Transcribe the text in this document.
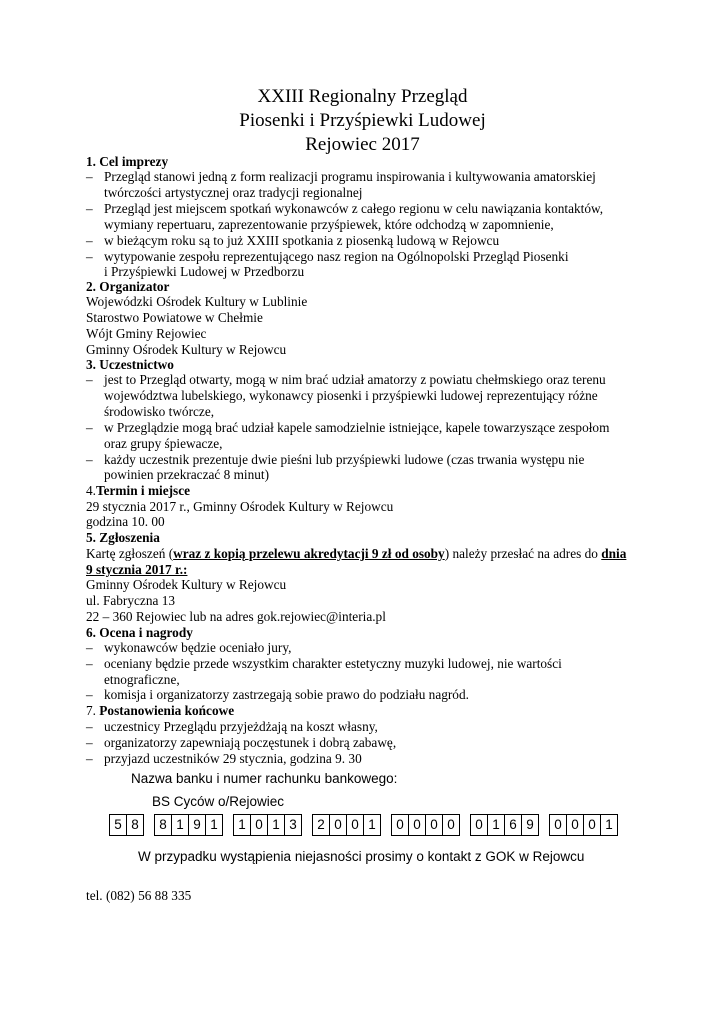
XXIII Regionalny Przegląd
Piosenki i Przyśpiewki Ludowej
Rejowiec 2017
1. Cel imprezy
– Przegląd stanowi jedną z form realizacji programu inspirowania i kultywowania amatorskiej
twórczości artystycznej oraz tradycji regionalnej
– Przegląd jest miejscem spotkań wykonawców z całego regionu w celu nawiązania kontaktów,
wymiany repertuaru, zaprezentowanie przyśpiewek, które odchodzą w zapomnienie,
– w bieżącym roku są to już XXIII spotkania z piosenką ludową w Rejowcu
– wytypowanie zespołu reprezentującego nasz region na Ogólnopolski Przegląd Piosenki
i Przyśpiewki Ludowej w Przedborzu
2. Organizator
Wojewódzki Ośrodek Kultury w Lublinie
Starostwo Powiatowe w Chełmie
Wójt Gminy Rejowiec
Gminny Ośrodek Kultury w Rejowcu
3. Uczestnictwo
– jest to Przegląd otwarty, mogą w nim brać udział amatorzy z powiatu chełmskiego oraz terenu
województwa lubelskiego, wykonawcy piosenki i przyśpiewki ludowej reprezentujący różne
środowisko twórcze,
– w Przeglądzie mogą brać udział kapele samodzielnie istniejące, kapele towarzyszące zespołom
oraz grupy śpiewacze,
– każdy uczestnik prezentuje dwie pieśni lub przyśpiewki ludowe (czas trwania występu nie
powinien przekraczać 8 minut)
4.Termin i miejsce
29 stycznia 2017 r., Gminny Ośrodek Kultury w Rejowcu
godzina 10. 00
5. Zgłoszenia
Kartę zgłoszeń (wraz z kopią przelewu akredytacji 9 zł od osoby) należy przesłać na adres do dnia
9 stycznia 2017 r.:
Gminny Ośrodek Kultury w Rejowcu
ul. Fabryczna 13
22 – 360 Rejowiec lub na adres gok.rejowiec@interia.pl
6. Ocena i nagrody
– wykonawców będzie oceniało jury,
– oceniany będzie przede wszystkim charakter estetyczny muzyki ludowej, nie wartości
etnograficzne,
– komisja i organizatorzy zastrzegają sobie prawo do podziału nagród.
7. Postanowienia końcowe
– uczestnicy Przeglądu przyjeżdżają na koszt własny,
– organizatorzy zapewniają poczęstunek i dobrą zabawę,
– przyjazd uczestników 29 stycznia, godzina 9. 30
Nazwa banku i numer rachunku bankowego:
BS Cyców o/Rejowiec
5 8	8 1 9 1	1 0 1 3	2 0 0 1	0 0 0 0	0 1 6 9	0 0 0 1
W przypadku wystąpienia niejasności prosimy o kontakt z GOK w Rejowcu
tel. (082) 56 88 335
